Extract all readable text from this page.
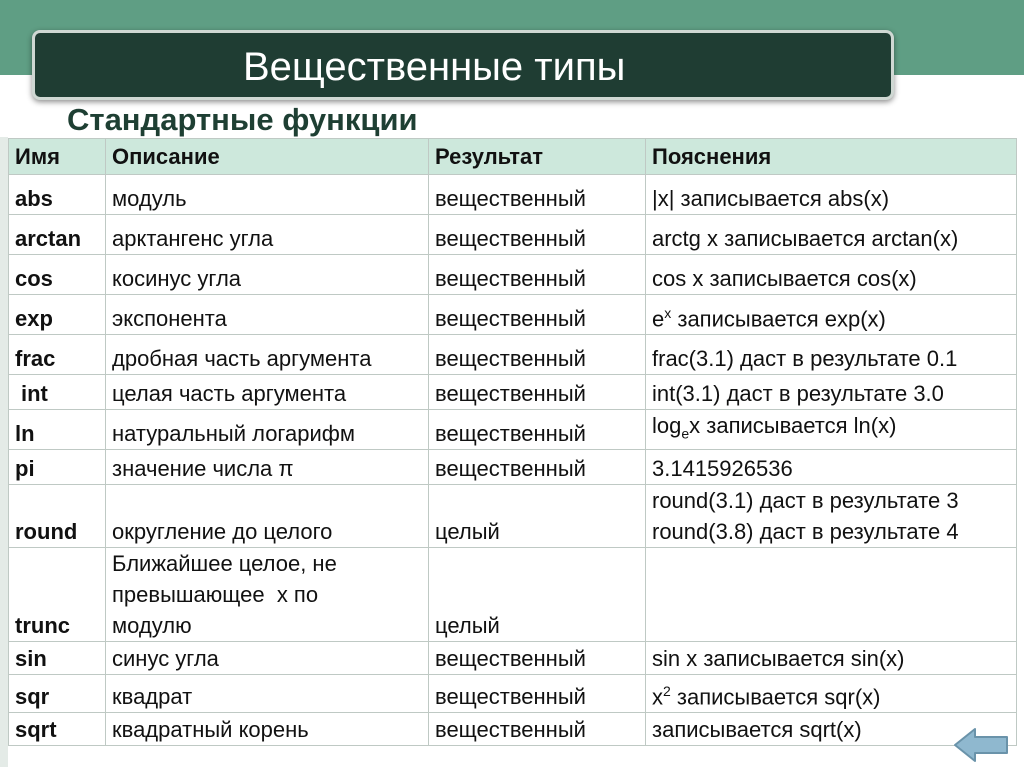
Вещественные типы
Стандартные функции
Имя	Описание	Результат	Пояснения
abs	модуль	вещественный	|x| записывается abs(x)
arctan	арктангенс угла	вещественный	arctg x записывается arctan(x)
cos	косинус угла	вещественный	cos x записывается cos(x)
exp	экспонента	вещественный	$e^x$ записывается exp(x)
frac	дробная часть аргумента	вещественный	frac(3.1) даст в результате 0.1
int	целая часть аргумента	вещественный	int(3.1) даст в результате 3.0
ln	натуральный логарифм	вещественный	$\log_ex$ записывается ln(x)
pi	значение числа π	вещественный	3.1415926536
round	округление до целого	целый	round(3.1) даст в результате 3
round(3.8) даст в результате 4

trunc	Ближайшее целое, не
превышающее  x по
модулю	целый	
sin	синус угла	вещественный	sin x записывается sin(x)
sqr	квадрат	вещественный	$x^2$ записывается sqr(x)
sqrt	квадратный корень	вещественный	записывается sqrt(x)
